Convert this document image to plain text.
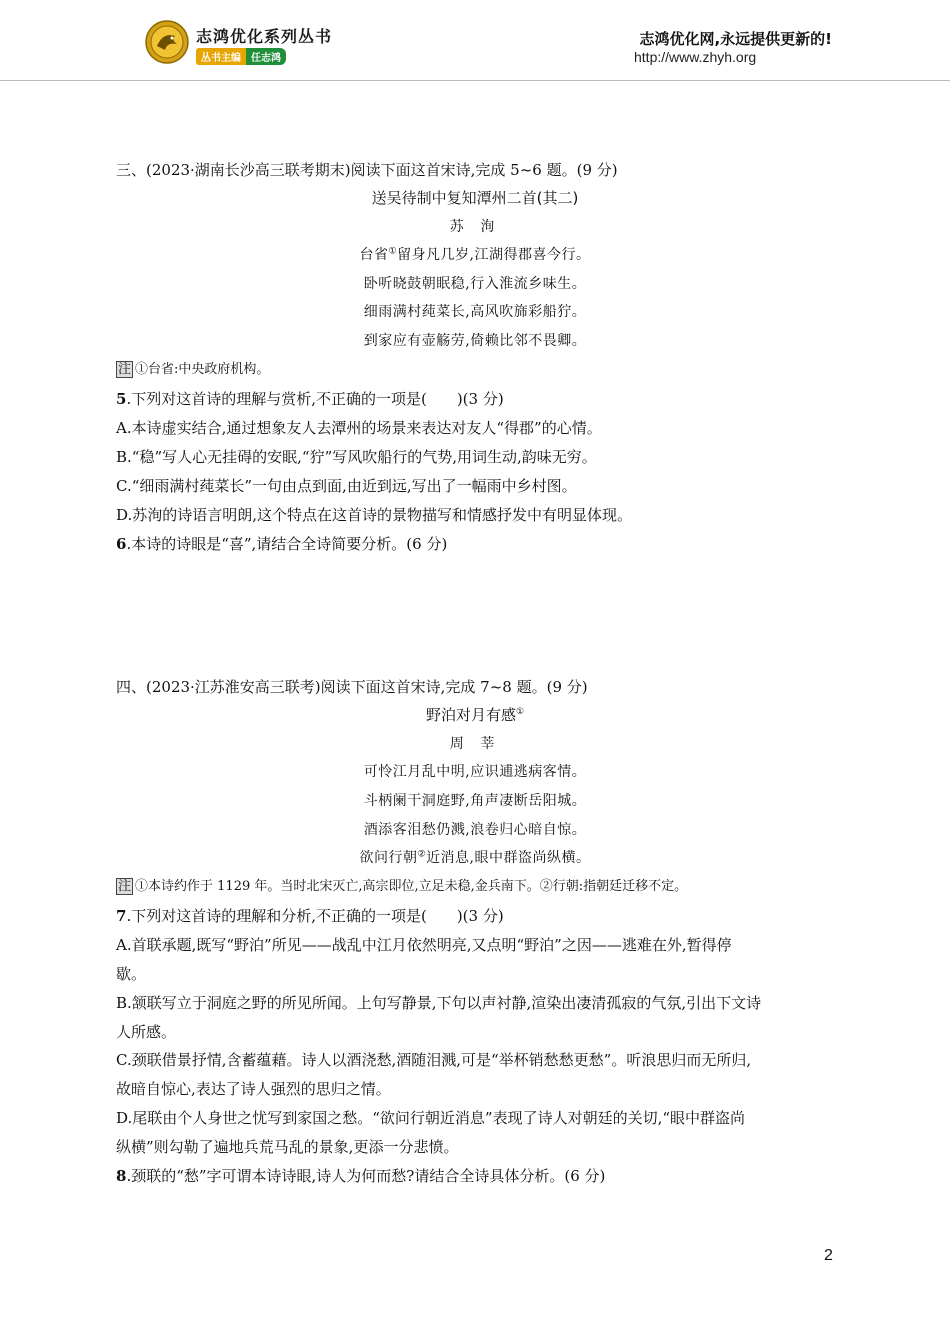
志鸿优化系列丛书
丛书主编	任志鸿
志鸿优化网,永远提供更新的!
http://www.zhyh.org
三、(2023·湖南长沙高三联考期末)阅读下面这首宋诗,完成 5~6 题。(9 分)
送吴待制中复知潭州二首(其二)
苏 洵
台省①留身凡几岁,江湖得郡喜今行。
卧听晓鼓朝眠稳,行入淮流乡味生。
细雨满村莼菜长,高风吹旆彩船狞。
到家应有壶觞劳,倚赖比邻不畏卿。
注 ①台省:中央政府机构。
5.下列对这首诗的理解与赏析,不正确的一项是(　　)(3 分)
A.本诗虚实结合,通过想象友人去潭州的场景来表达对友人“得郡”的心情。
B.“稳”写人心无挂碍的安眠,“狞”写风吹船行的气势,用词生动,韵味无穷。
C.“细雨满村莼菜长”一句由点到面,由近到远,写出了一幅雨中乡村图。
D.苏洵的诗语言明朗,这个特点在这首诗的景物描写和情感抒发中有明显体现。
6.本诗的诗眼是“喜”,请结合全诗简要分析。(6 分)
四、(2023·江苏淮安高三联考)阅读下面这首宋诗,完成 7~8 题。(9 分)
野泊对月有感①
周 莘
可怜江月乱中明,应识逋逃病客情。
斗柄阑干洞庭野,角声凄断岳阳城。
酒添客泪愁仍溅,浪卷归心暗自惊。
欲问行朝②近消息,眼中群盗尚纵横。
注 ①本诗约作于 1129 年。当时北宋灭亡,高宗即位,立足未稳,金兵南下。②行朝:指朝廷迁移不定。
7.下列对这首诗的理解和分析,不正确的一项是(　　)(3 分)
A.首联承题,既写“野泊”所见——战乱中江月依然明亮,又点明“野泊”之因——逃难在外,暂得停
歇。
B.颔联写立于洞庭之野的所见所闻。上句写静景,下句以声衬静,渲染出凄清孤寂的气氛,引出下文诗
人所感。
C.颈联借景抒情,含蓄蕴藉。诗人以酒浇愁,酒随泪溅,可是“举杯销愁愁更愁”。听浪思归而无所归,
故暗自惊心,表达了诗人强烈的思归之情。
D.尾联由个人身世之忧写到家国之愁。“欲问行朝近消息”表现了诗人对朝廷的关切,“眼中群盗尚
纵横”则勾勒了遍地兵荒马乱的景象,更添一分悲愤。
8.颈联的“愁”字可谓本诗诗眼,诗人为何而愁?请结合全诗具体分析。(6 分)
2
